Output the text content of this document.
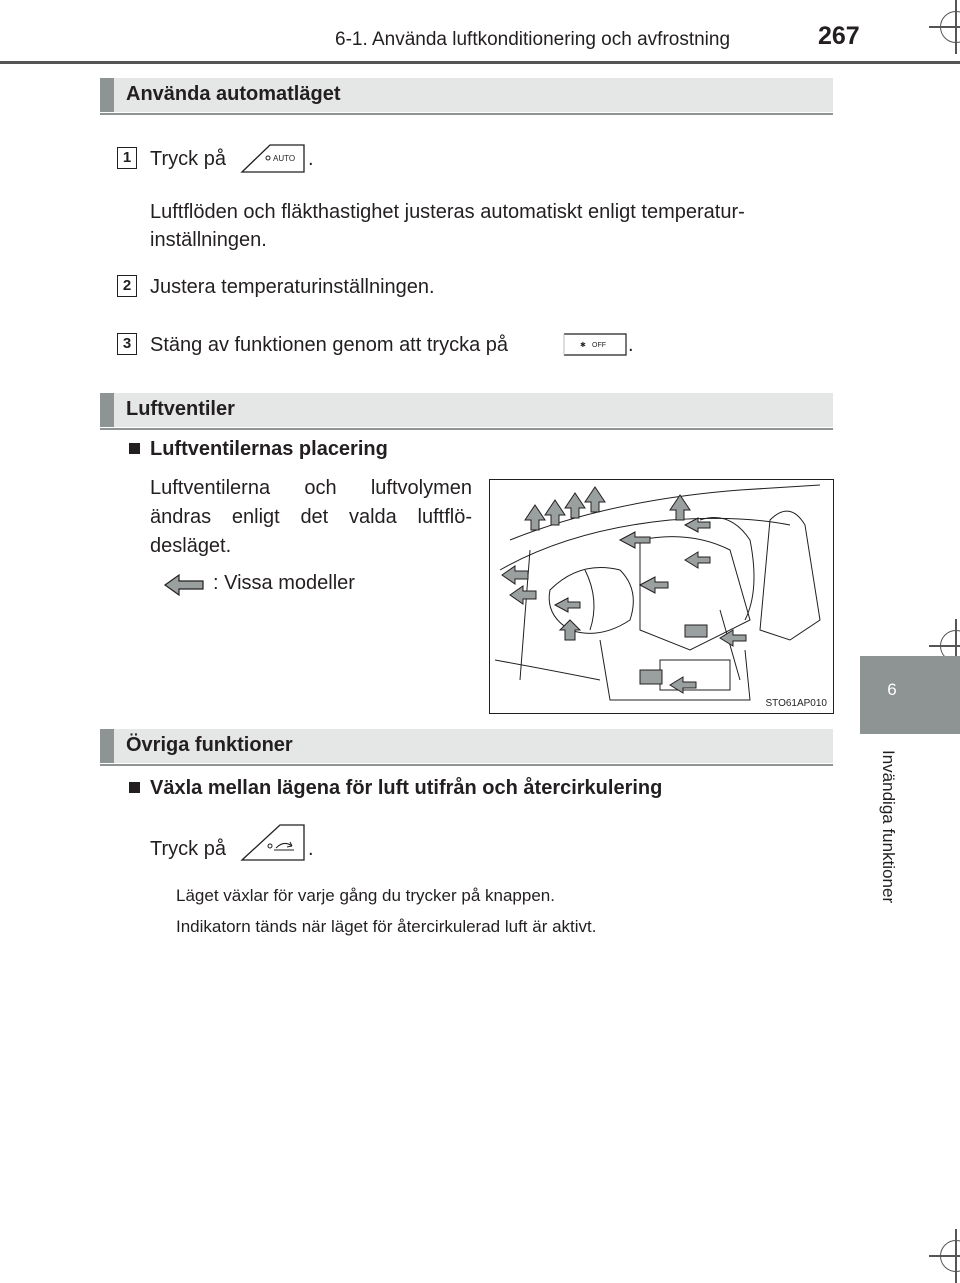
6-1. Använda luftkonditionering och avfrostning	267
6
Invändiga funktioner
Använda automatläget
1 Tryck på	AUTO .
Luftflöden och fläkthastighet justeras automatiskt enligt temperatur-
inställningen.
2 Justera temperaturinställningen.
3 Stäng av funktionen genom att trycka på	✱ OFF .
Luftventiler
Luftventilernas placering
Luftventilerna och luftvolymen
ändras enligt det valda luftflö-
desläget.
: Vissa modeller
STO61AP010
Övriga funktioner
Växla mellan lägena för luft utifrån och återcirkulering
Tryck på	.
Läget växlar för varje gång du trycker på knappen.
Indikatorn tänds när läget för återcirkulerad luft är aktivt.
